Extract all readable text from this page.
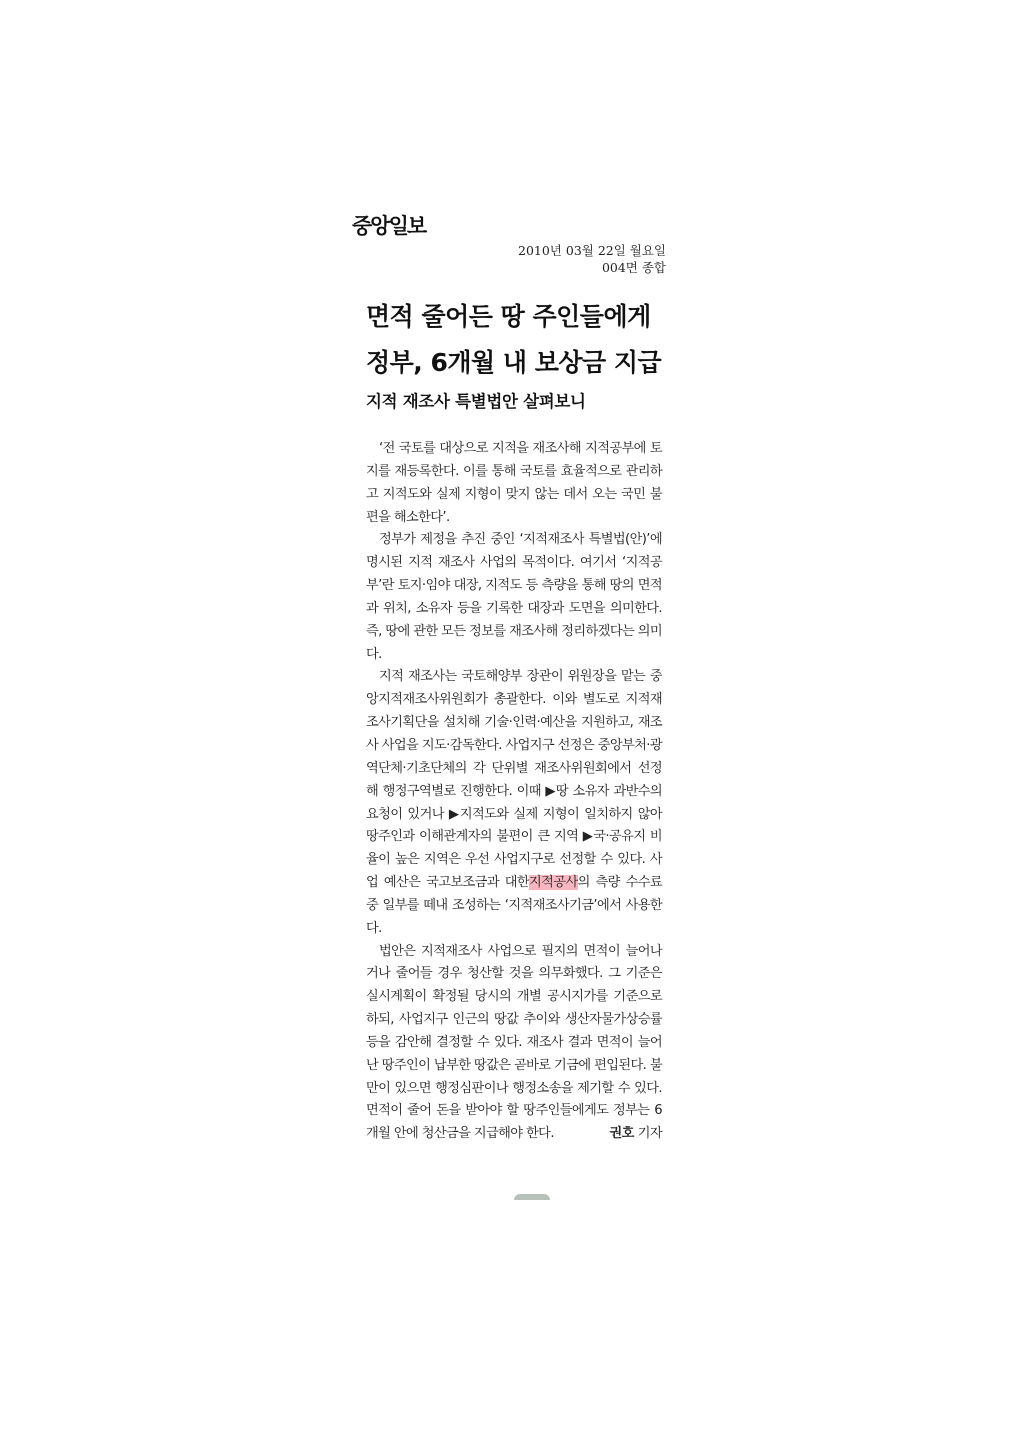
중앙일보
2010년 03월 22일 월요일
004면 종합
면적 줄어든 땅 주인들에게
정부, 6개월 내 보상금 지급
지적 재조사 특별법안 살펴보니

‘전 국토를 대상으로 지적을 재조사해 지적공부에 토지를 재등록한다. 이를 통해 국토를 효율적으로 관리하고 지적도와 실제 지형이 맞지 않는 데서 오는 국민 불편을 해소한다’.

정부가 제정을 추진 중인 ‘지적재조사 특별법(안)’에 명시된 지적 재조사 사업의 목적이다. 여기서 ‘지적공부’란 토지·임야 대장, 지적도 등 측량을 통해 땅의 면적과 위치, 소유자 등을 기록한 대장과 도면을 의미한다. 즉, 땅에 관한 모든 정보를 재조사해 정리하겠다는 의미다.

지적 재조사는 국토해양부 장관이 위원장을 맡는 중앙지적재조사위원회가 총괄한다. 이와 별도로 지적재조사기획단을 설치해 기술·인력·예산을 지원하고, 재조사 사업을 지도·감독한다. 사업지구 선정은 중앙부처·광역단체·기초단체의 각 단위별 재조사위원회에서 선정해 행정구역별로 진행한다. 이때 ▶땅 소유자 과반수의 요청이 있거나 ▶지적도와 실제 지형이 일치하지 않아 땅주인과 이해관계자의 불편이 큰 지역 ▶국·공유지 비율이 높은 지역은 우선 사업지구로 선정할 수 있다. 사업 예산은 국고보조금과 대한지적공사의 측량 수수료 중 일부를 떼내 조성하는 ‘지적재조사기금’에서 사용한다.

법안은 지적재조사 사업으로 필지의 면적이 늘어나거나 줄어들 경우 청산할 것을 의무화했다. 그 기준은 실시계획이 확정될 당시의 개별 공시지가를 기준으로 하되, 사업지구 인근의 땅값 추이와 생산자물가상승률 등을 감안해 결정할 수 있다. 재조사 결과 면적이 늘어난 땅주인이 납부한 땅값은 곧바로 기금에 편입된다. 불만이 있으면 행정심판이나 행정소송을 제기할 수 있다. 면적이 줄어 돈을 받아야 할 땅주인들에게도 정부는 6개월 안에 청산금을 지급해야 한다.	권호 기자
